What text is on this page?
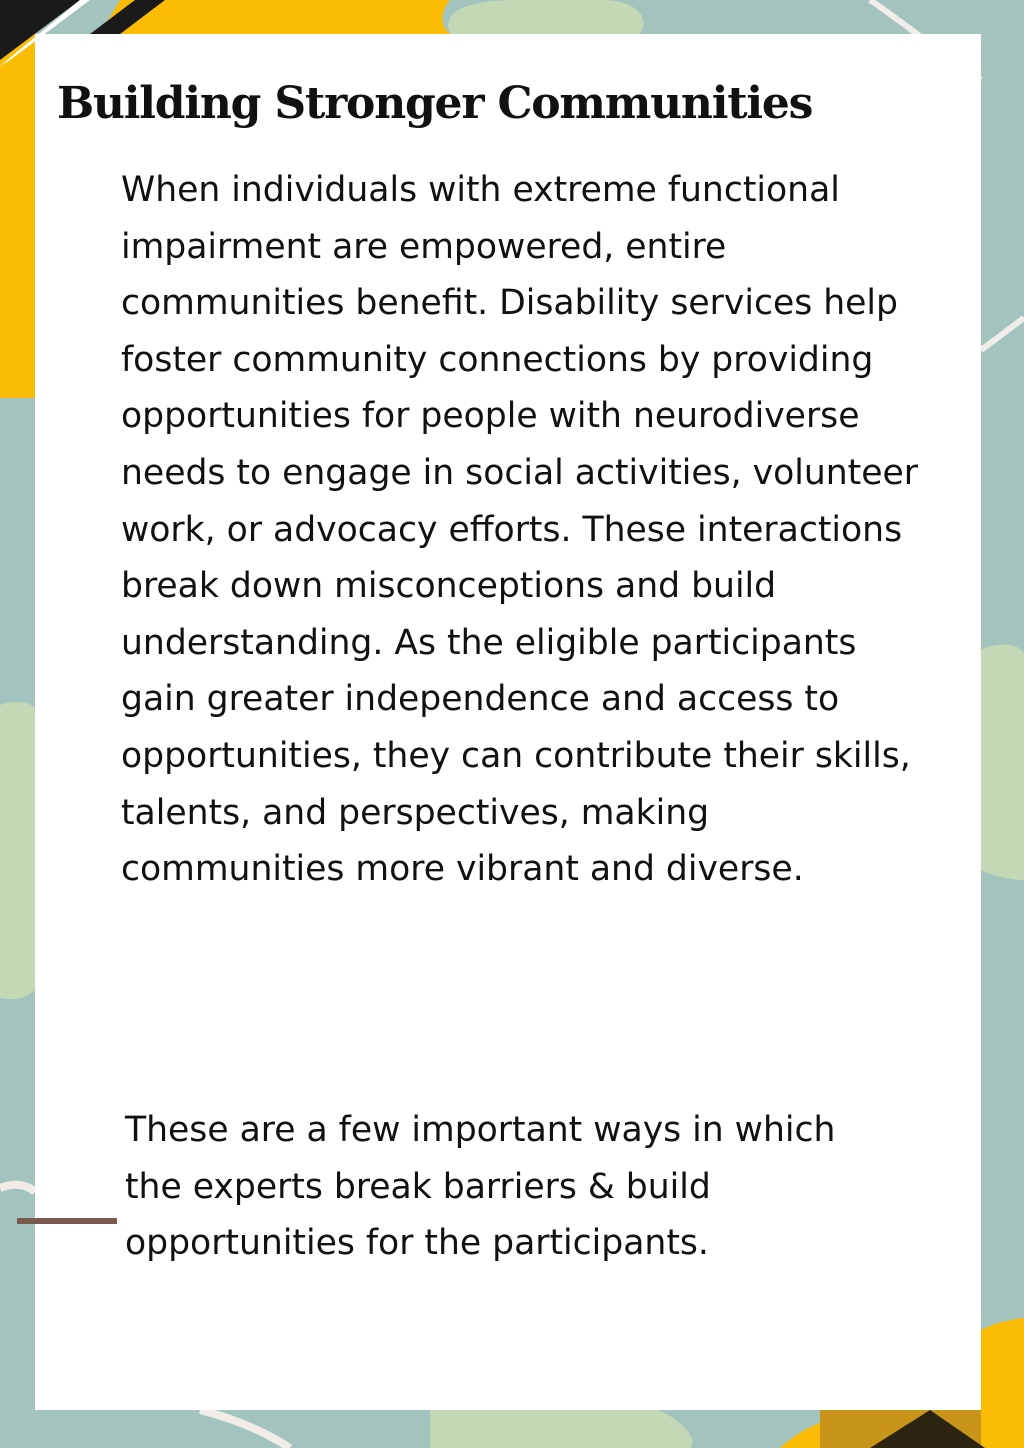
Building Stronger Communities

When individuals with extreme functional impairment are empowered, entire communities benefit. Disability services help foster community connections by providing opportunities for people with neurodiverse needs to engage in social activities, volunteer work, or advocacy efforts. These interactions break down misconceptions and build understanding. As the eligible participants gain greater independence and access to opportunities, they can contribute their skills, talents, and perspectives, making communities more vibrant and diverse.

These are a few important ways in which the experts break barriers & build opportunities for the participants.
